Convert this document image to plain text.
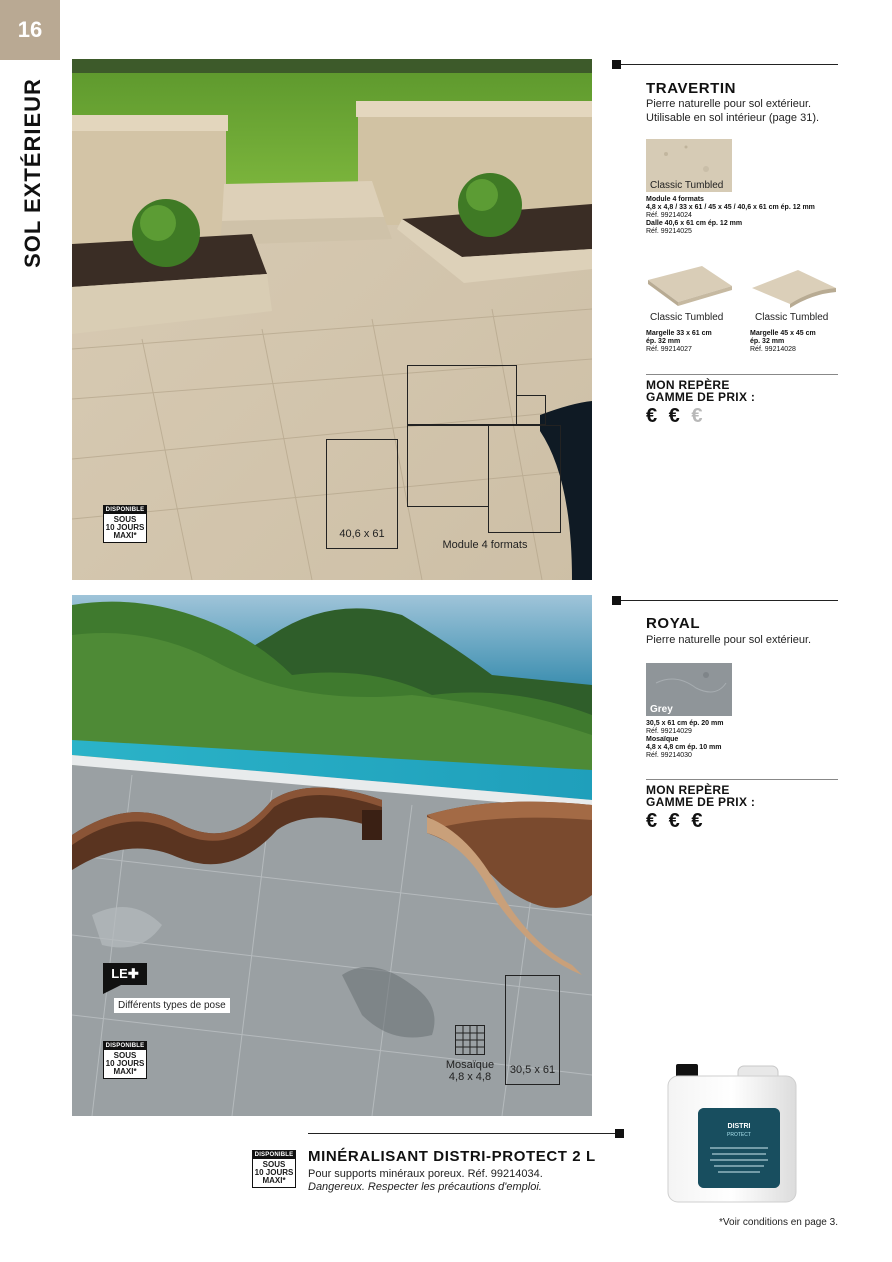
16
SOL EXTÉRIEUR
40,6 x 61
Module 4 formats
DISPONIBLE
SOUS
10 JOURS
MAXI*
Mosaïque
4,8 x 4,8
30,5 x 61
DISPONIBLE
SOUS
10 JOURS
MAXI*
LE✚
Différents types de pose
TRAVERTIN
Pierre naturelle pour sol extérieur.
Utilisable en sol intérieur (page 31).
Classic Tumbled
Module 4 formats
4,8 x 4,8 / 33 x 61 / 45 x 45 / 40,6 x 61 cm ép. 12 mm
Réf. 99214024
Dalle 40,6 x 61 cm ép. 12 mm
Réf. 99214025
Classic Tumbled	Classic Tumbled
Margelle 33 x 61 cm
ép. 32 mm
Réf. 99214027
Margelle 45 x 45 cm
ép. 32 mm
Réf. 99214028
MON REPÈRE
GAMME DE PRIX :
€ € €
ROYAL
Pierre naturelle pour sol extérieur.
Grey
30,5 x 61 cm ép. 20 mm
Réf. 99214029
Mosaïque
4,8 x 4,8 cm ép. 10 mm
Réf. 99214030
MON REPÈRE
GAMME DE PRIX :
€ € €
DISPONIBLE
SOUS
10 JOURS
MAXI*
MINÉRALISANT DISTRI-PROTECT 2 L
Pour supports minéraux poreux. Réf. 99214034.
Dangereux. Respecter les précautions d'emploi.
DISTRI
PROTECT
*Voir conditions en page 3.
